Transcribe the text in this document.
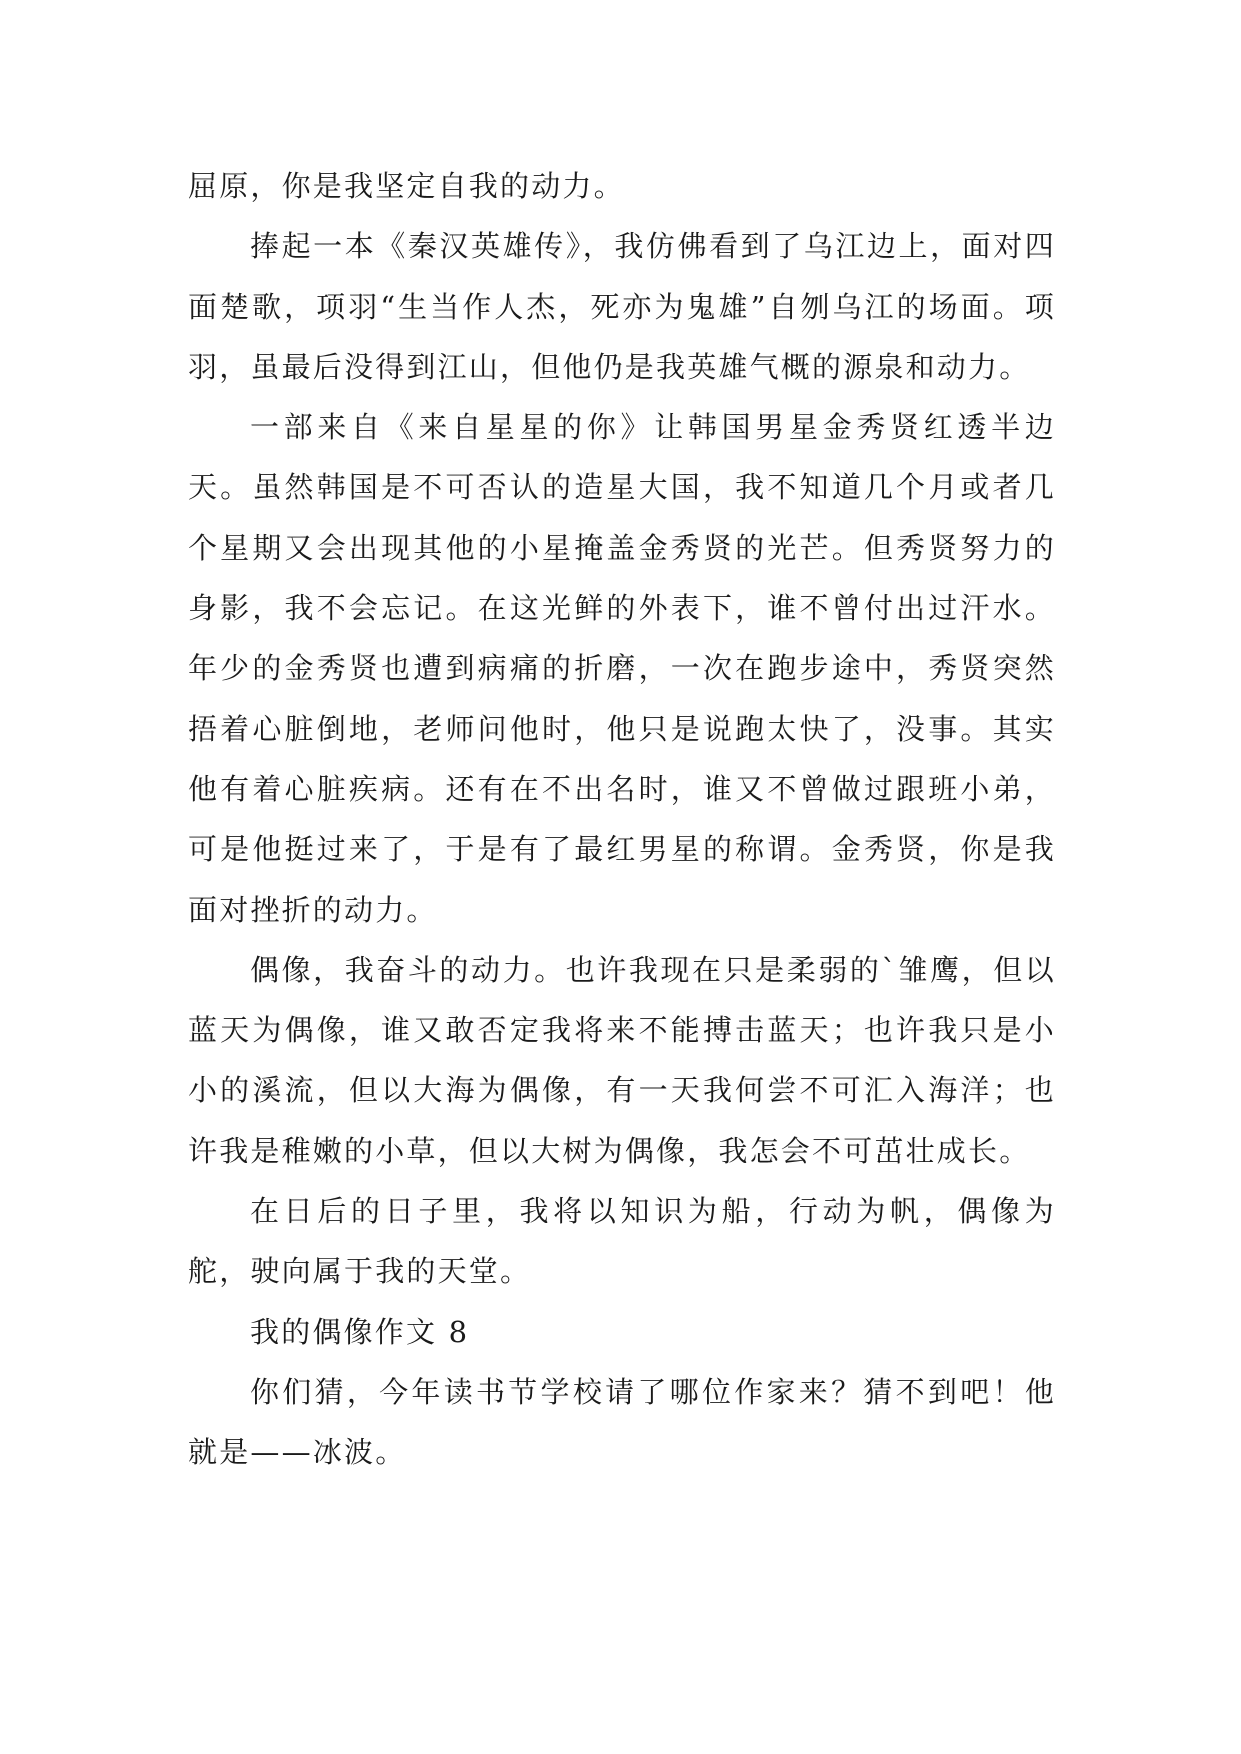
屈原，你是我坚定自我的动力。

捧起一本《秦汉英雄传》，我仿佛看到了乌江边上，面对四面楚歌，项羽“生当作人杰，死亦为鬼雄”自刎乌江的场面。项羽，虽最后没得到江山，但他仍是我英雄气概的源泉和动力。

一部来自《来自星星的你》让韩国男星金秀贤红透半边天。虽然韩国是不可否认的造星大国，我不知道几个月或者几个星期又会出现其他的小星掩盖金秀贤的光芒。但秀贤努力的身影，我不会忘记。在这光鲜的外表下，谁不曾付出过汗水。年少的金秀贤也遭到病痛的折磨，一次在跑步途中，秀贤突然捂着心脏倒地，老师问他时，他只是说跑太快了，没事。其实他有着心脏疾病。还有在不出名时，谁又不曾做过跟班小弟，可是他挺过来了，于是有了最红男星的称谓。金秀贤，你是我面对挫折的动力。

偶像，我奋斗的动力。也许我现在只是柔弱的`雏鹰，但以蓝天为偶像，谁又敢否定我将来不能搏击蓝天；也许我只是小小的溪流，但以大海为偶像，有一天我何尝不可汇入海洋；也许我是稚嫩的小草，但以大树为偶像，我怎会不可茁壮成长。

在日后的日子里，我将以知识为船，行动为帆，偶像为舵，驶向属于我的天堂。

我的偶像作文 8

你们猜，今年读书节学校请了哪位作家来？猜不到吧！他就是——冰波。
